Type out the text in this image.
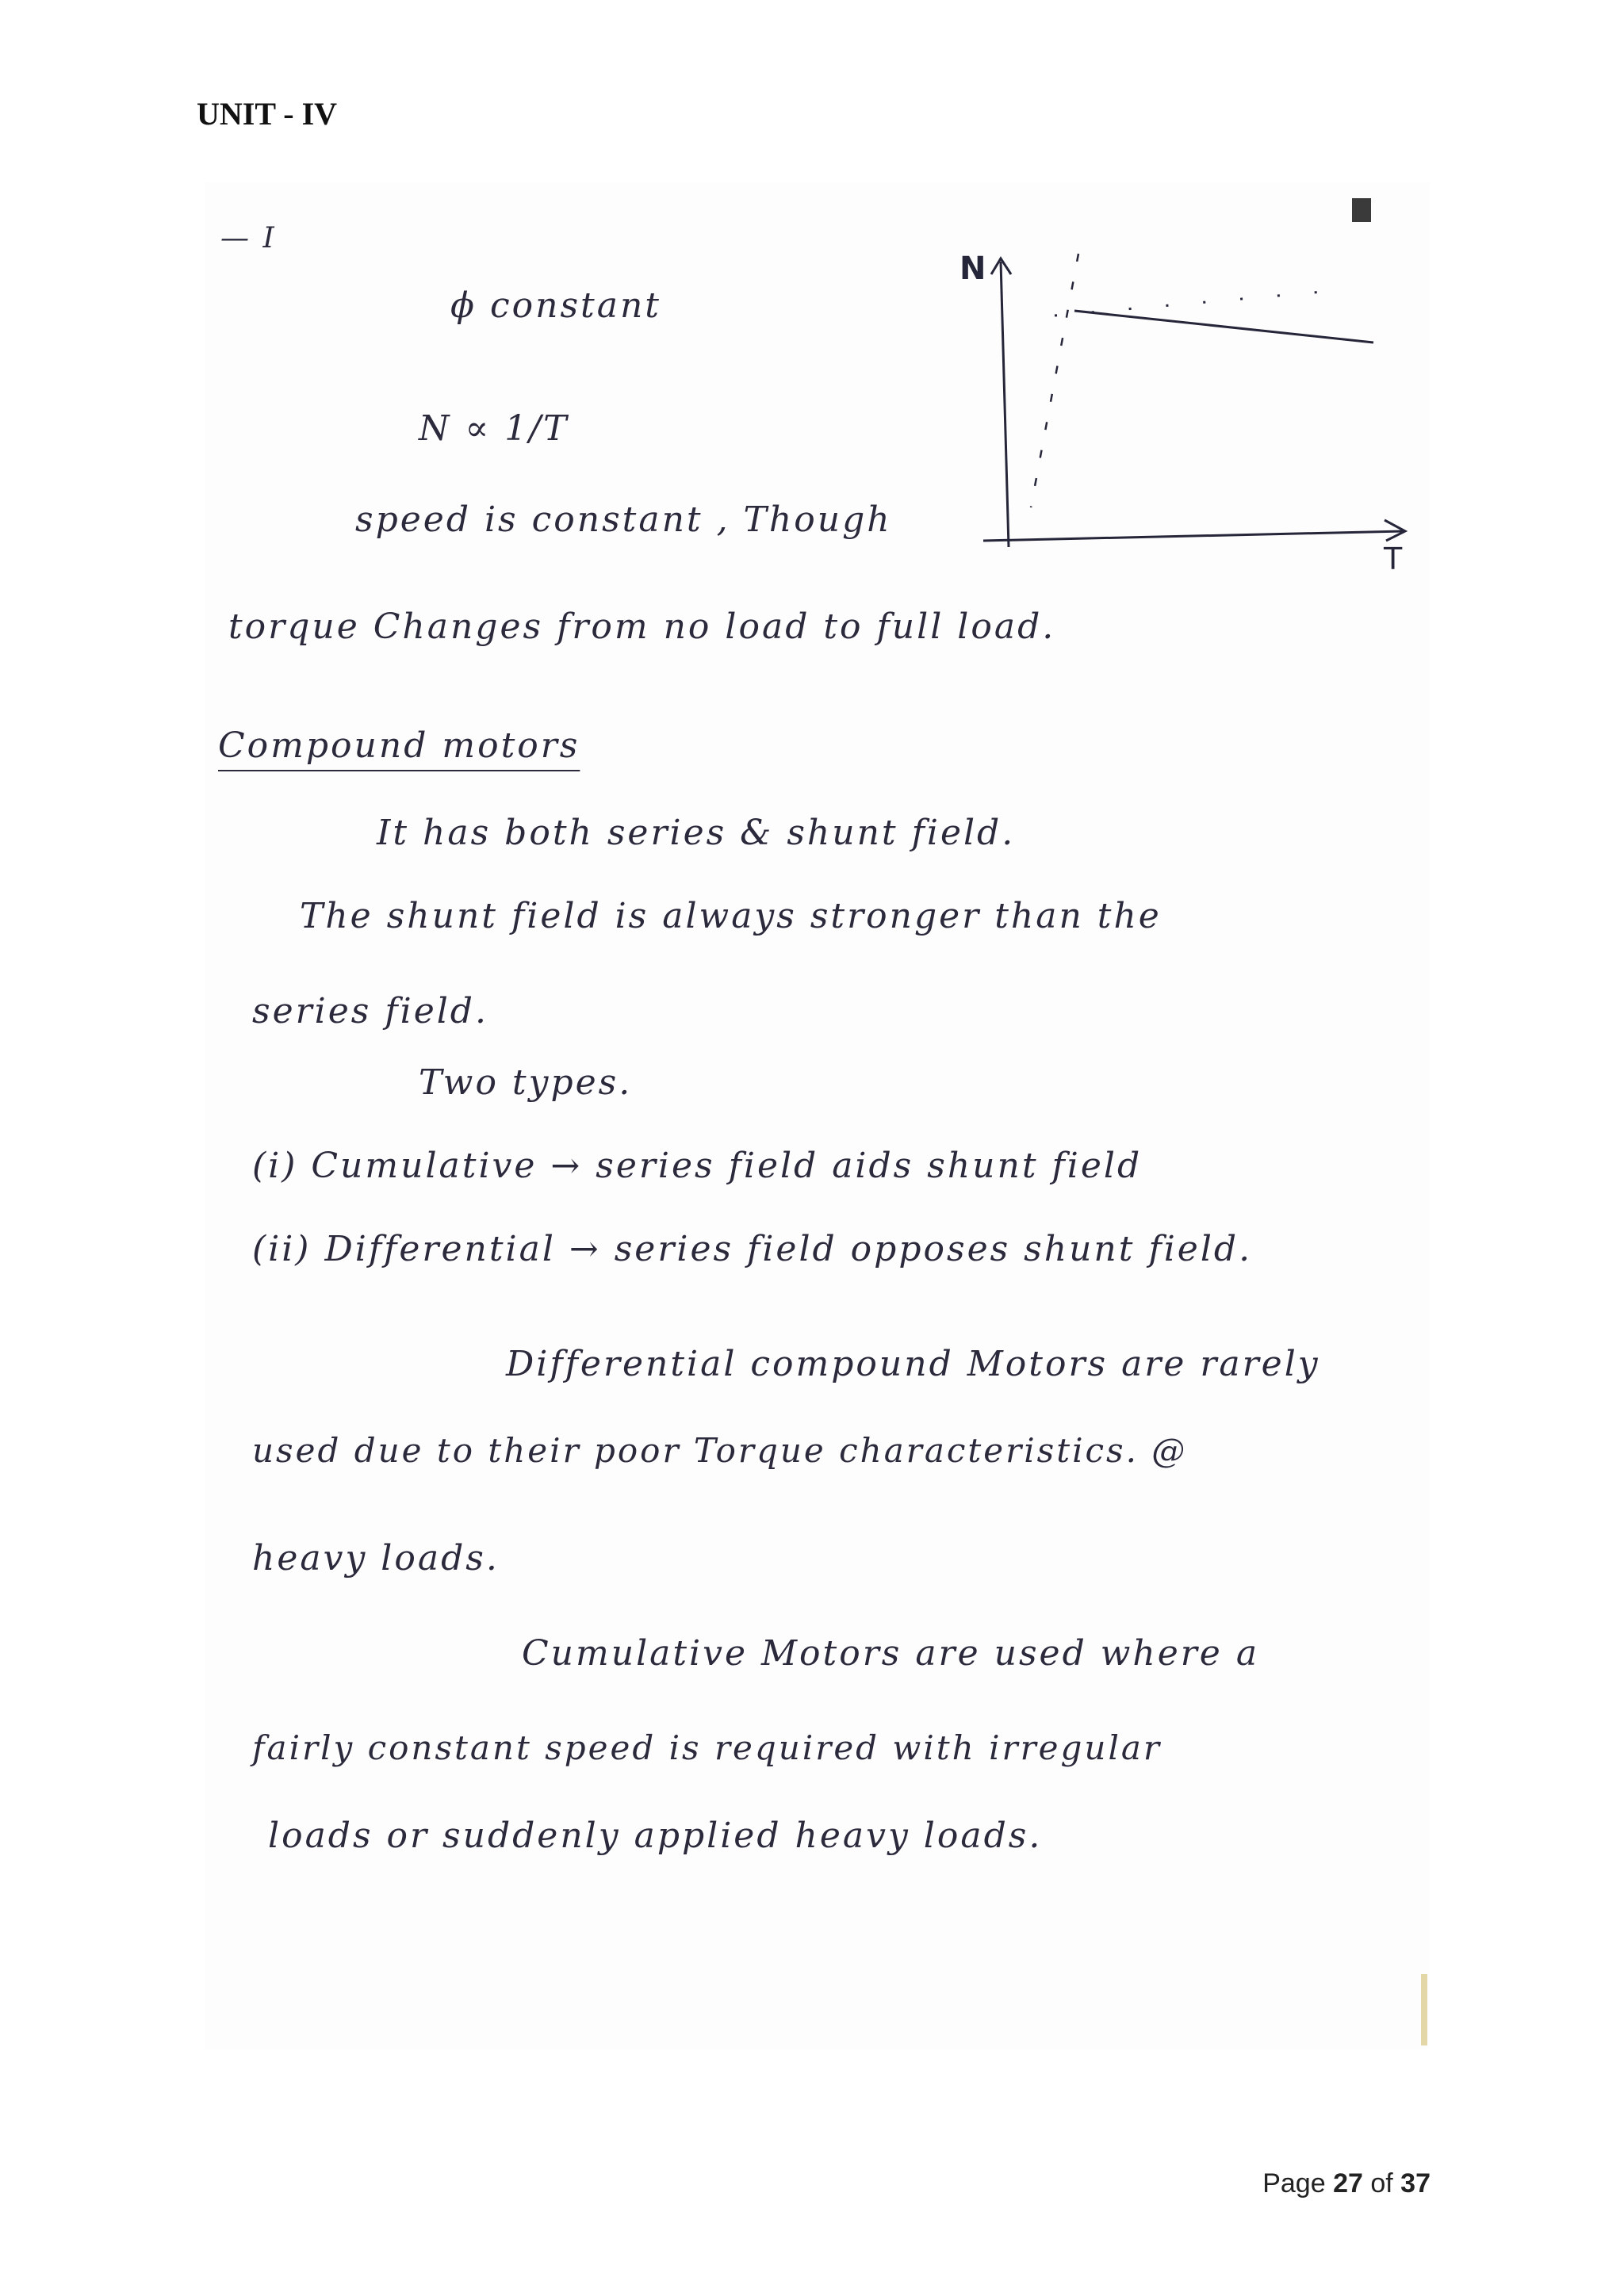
UNIT - IV
— I
ϕ constant
N ∝ 1/T
speed is constant , Though
torque Changes from no load to full load.
Compound motors
It has both series & shunt field.
The shunt field is always stronger than the
series field.
Two types.
(i) Cumulative → series field aids shunt field
(ii) Differential → series field opposes shunt field.
Differential compound Motors are rarely
used due to their poor Torque characteristics. @
heavy loads.
Cumulative Motors are used where a
fairly constant speed is required with irregular
loads or suddenly applied heavy loads.
N
T
Page 27 of 37
